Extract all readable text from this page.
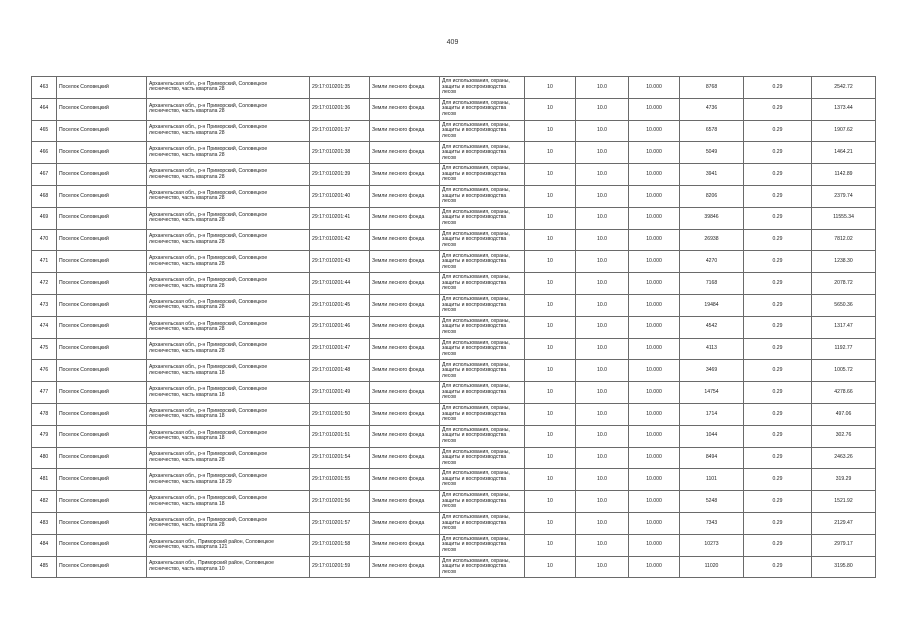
409
463	Поселок Соловецкий	Архангельская обл., р-н Приморский, Соловецкое
лесничество, часть квартала 28	29:17:010201:35	Земли лесного фонда	Для использования, охраны,
защиты и воспроизводства
лесов	10	10.0	10.000	8768	0.29	2542.72
464	Поселок Соловецкий	Архангельская обл., р-н Приморский, Соловецкое
лесничество, часть квартала 28	29:17:010201:36	Земли лесного фонда	Для использования, охраны,
защиты и воспроизводства
лесов	10	10.0	10.000	4736	0.29	1373.44
465	Поселок Соловецкий	Архангельская обл., р-н Приморский, Соловецкое
лесничество, часть квартала 28	29:17:010201:37	Земли лесного фонда	Для использования, охраны,
защиты и воспроизводства
лесов	10	10.0	10.000	6578	0.29	1907.62
466	Поселок Соловецкий	Архангельская обл., р-н Приморский, Соловецкое
лесничество, часть квартала 28	29:17:010201:38	Земли лесного фонда	Для использования, охраны,
защиты и воспроизводства
лесов	10	10.0	10.000	5049	0.29	1464.21
467	Поселок Соловецкий	Архангельская обл., р-н Приморский, Соловецкое
лесничество, часть квартала 28	29:17:010201:39	Земли лесного фонда	Для использования, охраны,
защиты и воспроизводства
лесов	10	10.0	10.000	3941	0.29	1142.89
468	Поселок Соловецкий	Архангельская обл., р-н Приморский, Соловецкое
лесничество, часть квартала 28	29:17:010201:40	Земли лесного фонда	Для использования, охраны,
защиты и воспроизводства
лесов	10	10.0	10.000	8206	0.29	2379.74
469	Поселок Соловецкий	Архангельская обл., р-н Приморский, Соловецкое
лесничество, часть квартала 28	29:17:010201:41	Земли лесного фонда	Для использования, охраны,
защиты и воспроизводства
лесов	10	10.0	10.000	39846	0.29	11555.34
470	Поселок Соловецкий	Архангельская обл., р-н Приморский, Соловецкое
лесничество, часть квартала 28	29:17:010201:42	Земли лесного фонда	Для использования, охраны,
защиты и воспроизводства
лесов	10	10.0	10.000	26938	0.29	7812.02
471	Поселок Соловецкий	Архангельская обл., р-н Приморский, Соловецкое
лесничество, часть квартала 28	29:17:010201:43	Земли лесного фонда	Для использования, охраны,
защиты и воспроизводства
лесов	10	10.0	10.000	4270	0.29	1238.30
472	Поселок Соловецкий	Архангельская обл., р-н Приморский, Соловецкое
лесничество, часть квартала 28	29:17:010201:44	Земли лесного фонда	Для использования, охраны,
защиты и воспроизводства
лесов	10	10.0	10.000	7168	0.29	2078.72
473	Поселок Соловецкий	Архангельская обл., р-н Приморский, Соловецкое
лесничество, часть квартала 28	29:17:010201:45	Земли лесного фонда	Для использования, охраны,
защиты и воспроизводства
лесов	10	10.0	10.000	19484	0.29	5650.36
474	Поселок Соловецкий	Архангельская обл., р-н Приморский, Соловецкое
лесничество, часть квартала 28	29:17:010201:46	Земли лесного фонда	Для использования, охраны,
защиты и воспроизводства
лесов	10	10.0	10.000	4542	0.29	1317.47
475	Поселок Соловецкий	Архангельская обл., р-н Приморский, Соловецкое
лесничество, часть квартала 28	29:17:010201:47	Земли лесного фонда	Для использования, охраны,
защиты и воспроизводства
лесов	10	10.0	10.000	4113	0.29	1192.77
476	Поселок Соловецкий	Архангельская обл., р-н Приморский, Соловецкое
лесничество, часть квартала 18	29:17:010201:48	Земли лесного фонда	Для использования, охраны,
защиты и воспроизводства
лесов	10	10.0	10.000	3469	0.29	1005.72
477	Поселок Соловецкий	Архангельская обл., р-н Приморский, Соловецкое
лесничество, часть квартала 18	29:17:010201:49	Земли лесного фонда	Для использования, охраны,
защиты и воспроизводства
лесов	10	10.0	10.000	14754	0.29	4278.66
478	Поселок Соловецкий	Архангельская обл., р-н Приморский, Соловецкое
лесничество, часть квартала 18	29:17:010201:50	Земли лесного фонда	Для использования, охраны,
защиты и воспроизводства
лесов	10	10.0	10.000	1714	0.29	497.06
479	Поселок Соловецкий	Архангельская обл., р-н Приморский, Соловецкое
лесничество, часть квартала 18	29:17:010201:51	Земли лесного фонда	Для использования, охраны,
защиты и воспроизводства
лесов	10	10.0	10.000	1044	0.29	302.76
480	Поселок Соловецкий	Архангельская обл., р-н Приморский, Соловецкое
лесничество, часть квартала 28	29:17:010201:54	Земли лесного фонда	Для использования, охраны,
защиты и воспроизводства
лесов	10	10.0	10.000	8494	0.29	2463.26
481	Поселок Соловецкий	Архангельская обл., р-н Приморский, Соловецкое
лесничество, часть квартала 18 29	29:17:010201:55	Земли лесного фонда	Для использования, охраны,
защиты и воспроизводства
лесов	10	10.0	10.000	1101	0.29	319.29
482	Поселок Соловецкий	Архангельская обл., р-н Приморский, Соловецкое
лесничество, часть квартала 18	29:17:010201:56	Земли лесного фонда	Для использования, охраны,
защиты и воспроизводства
лесов	10	10.0	10.000	5248	0.29	1521.92
483	Поселок Соловецкий	Архангельская обл., р-н Приморский, Соловецкое
лесничество, часть квартала 28	29:17:010201:57	Земли лесного фонда	Для использования, охраны,
защиты и воспроизводства
лесов	10	10.0	10.000	7343	0.29	2129.47
484	Поселок Соловецкий	Архангельская обл., Приморский район, Соловецкое
лесничество, часть квартала 121	29:17:010201:58	Земли лесного фонда	Для использования, охраны,
защиты и воспроизводства
лесов	10	10.0	10.000	10273	0.29	2979.17
485	Поселок Соловецкий	Архангельская обл., Приморский район, Соловецкое
лесничество, часть квартала 10	29:17:010201:59	Земли лесного фонда	Для использования, охраны,
защиты и воспроизводства
лесов	10	10.0	10.000	11020	0.29	3195.80
